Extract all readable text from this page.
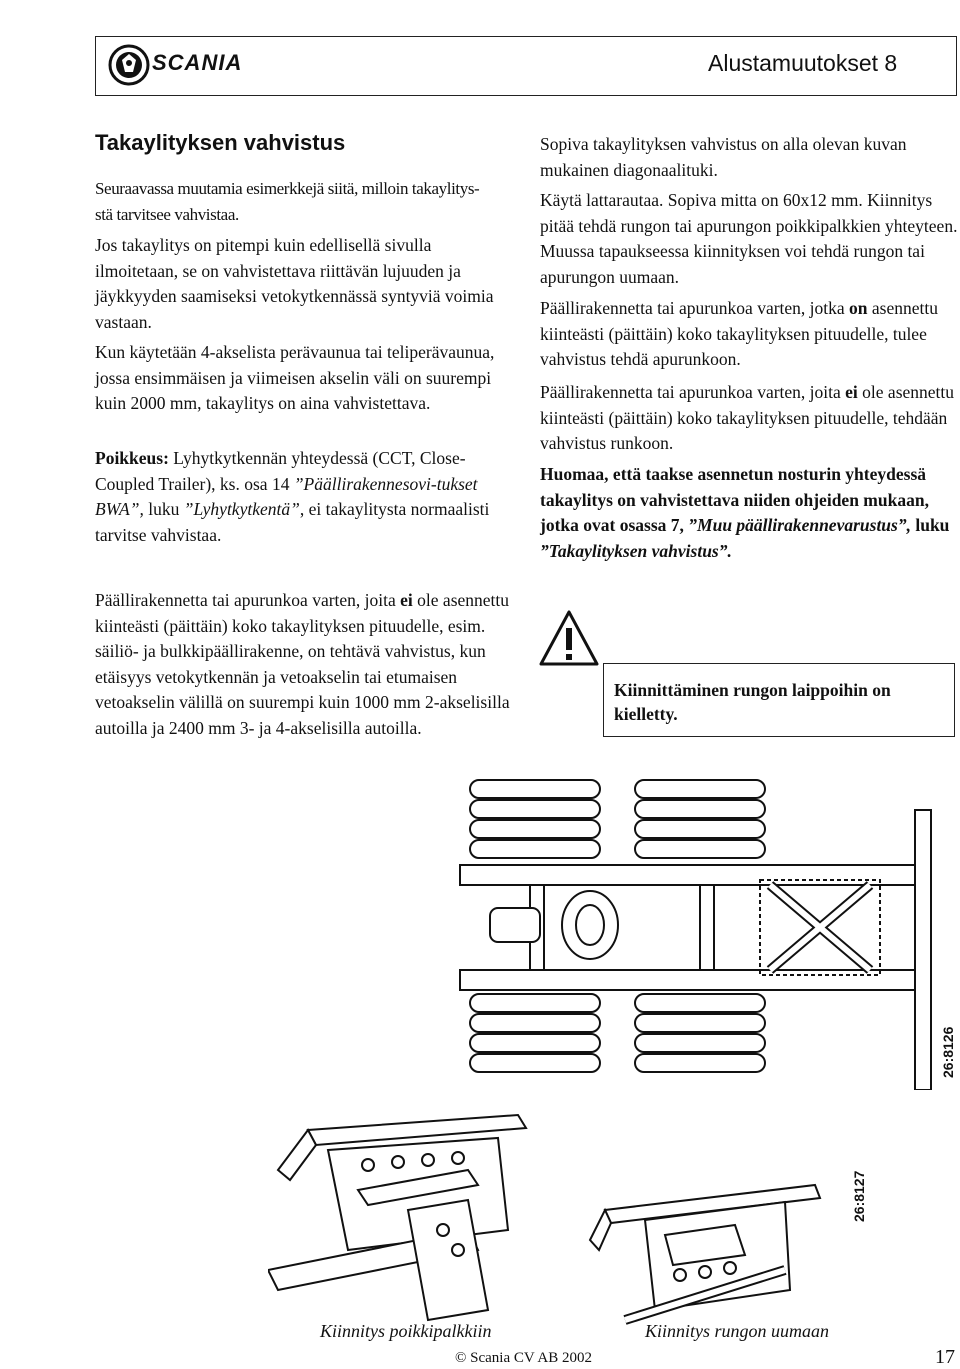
SCANIA	Alustamuutokset 8
Takaylityksen vahvistus

Seuraavassa muutamia esimerkkejä siitä, milloin takaylitys-
stä tarvitsee vahvistaa.

Jos takaylitys on pitempi kuin edellisellä sivulla ilmoitetaan, se on vahvistettava riittävän lujuuden ja jäykkyyden saamiseksi vetokytkennässä syntyviä voimia vastaan.

Kun käytetään 4-akselista perävaunua tai teliperävaunua, jossa ensimmäisen ja viimeisen akselin väli on suurempi kuin 2000 mm, takaylitys on aina vahvistettava.

Poikkeus: Lyhytkytkennän yhteydessä (CCT, Close-Coupled Trailer), ks. osa 14 ”Päällirakennesovi-tukset BWA”, luku ”Lyhytkytkentä”, ei takaylitysta normaalisti tarvitse vahvistaa.

Päällirakennetta tai apurunkoa varten, joita ei ole asennettu kiinteästi (päittäin) koko takaylityksen pituudelle, esim. säiliö- ja bulkkipäällirakenne, on tehtävä vahvistus, kun etäisyys vetokytkennän ja vetoakselin tai etumaisen vetoakselin välillä on suurempi kuin 1000 mm 2-akselisilla autoilla ja 2400 mm 3- ja 4-akselisilla autoilla.

Sopiva takaylityksen vahvistus on alla olevan kuvan mukainen diagonaalituki.

Käytä lattarautaa. Sopiva mitta on 60x12 mm. Kiinnitys pitää tehdä rungon tai apurungon poikkipalkkien yhteyteen. Muussa tapaukseessa kiinnityksen voi tehdä rungon tai apurungon uumaan.

Päällirakennetta tai apurunkoa varten, jotka on asennettu kiinteästi (päittäin) koko takaylityksen pituudelle, tulee vahvistus tehdä apurunkoon.

Päällirakennetta tai apurunkoa varten, joita ei ole asennettu kiinteästi (päittäin) koko takaylityksen pituudelle, tehdään vahvistus runkoon.

Huomaa, että taakse asennetun nosturin yhteydessä takaylitys on vahvistettava niiden ohjeiden mukaan, jotka ovat osassa 7, ”Muu päällirakennevarustus”, luku ”Takaylityksen vahvistus”.

Kiinnittäminen rungon laippoihin on kielletty.
26:8126
26:8127
Kiinnitys poikkipalkkiin	Kiinnitys rungon uumaan
© Scania CV AB 2002	17
